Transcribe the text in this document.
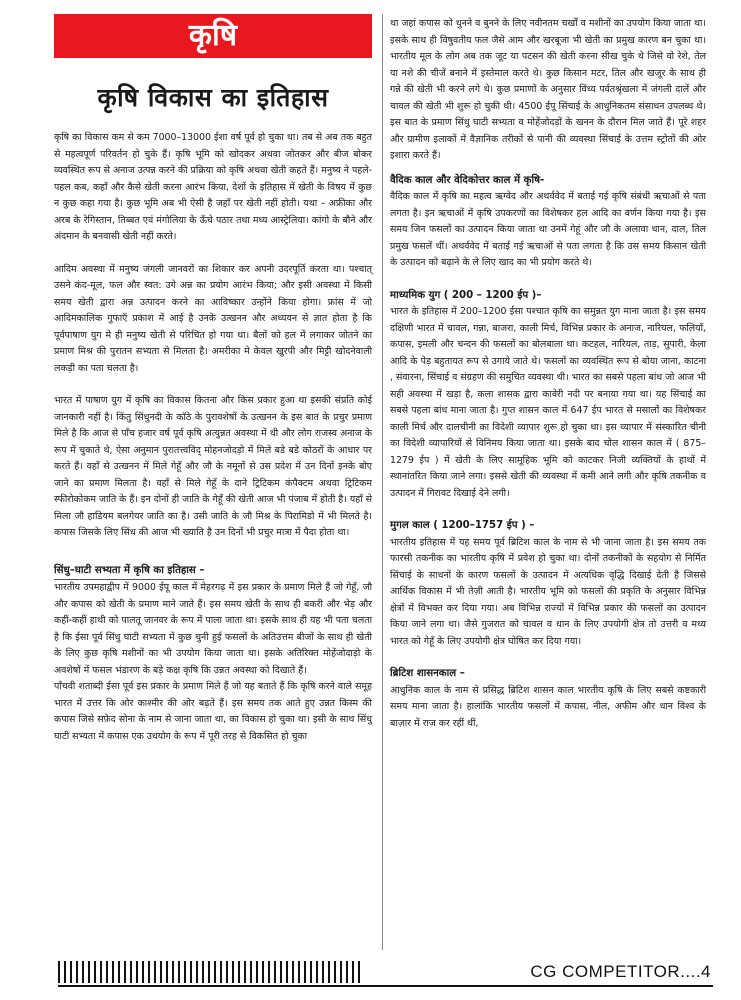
कृषि
कृषि विकास का इतिहास

कृषि का विकास कम से कम 7000–13000 ईशा वर्ष पूर्व हो चुका था। तब से अब तक बहुत से महत्वपूर्ण परिवर्तन हो चुके हैं। कृषि भूमि को खोदकर अथवा जोतकर और बीज बोकर व्यवस्थित रूप से अनाज उत्पन्न करने की प्रक्रिया को कृषि अथवा खेती कहते हैं। मनुष्य ने पहले-पहल कब, कहाँ और कैसे खेती करना आरंभ किया, देशों के इतिहास में खेती के विषय में कुछ न कुछ कहा गया है। कुछ भूमि अब भी ऐसी है जहाँ पर खेती नहीं होती। यथा – अफ्रीका और अरब के रेगिस्तान, तिब्बत एवं मंगोलिया के ऊँचे पठार तथा मध्य आस्ट्रेलिया। कांगो के बौने और अंदमान के बनवासी खेती नहीं करते।

आदिम अवस्था में मनुष्य जंगली जानवरों का शिकार कर अपनी उदरपूर्ति करता था। पश्चात् उसने कंद-मूल, फल और स्वत: उगे अन्न का प्रयोग आरंभ किया; और इसी अवस्था में किसी समय खेती द्वारा अन्न उत्पादन करने का आविष्कार उन्होंने किया होगा। फ्रांस में जो आदिमकालिक गुफाएँ प्रकाश में आई है उनके उत्खनन और अध्ययन से ज्ञात होता है कि पूर्वपाषाण युग मे ही मनुष्य खेती से परिचित हो गया था। बैलों को हल में लगाकर जोतने का प्रमाण मिश्र की पुरातन सभ्यता से मिलता है। अमरीका मे केवल खुरपी और मिट्टी खोदनेवाली लकड़ी का पता चलता है।

भारत में पाषाण युग में कृषि का विकास कितना और किस प्रकार हुआ था इसकी संप्रति कोई जानकारी नहीं है। किंतु सिंधुनदी के कॉठे के पुरावशेषों के उत्खनन के इस बात के प्रचुर प्रमाण मिले है कि आज से पाँच हजार वर्ष पूर्व कृषि अत्युन्नत अवस्था में थी और लोग राजस्व अनाज के रूप में चुकाते थे, ऐसा अनुमान पुरातत्त्वविद् मोहनजोदड़ो में मिले बडे बडे कोठरों के आधार पर करते हैं। वहाँ से उत्खनन में मिले गेहूँ और जौ के नमूनों से उस प्रदेश में उन दिनों इनके बोए जाने का प्रमाण मिलता है। वहाँ से मिले गेहूँ के दाने ट्रिटिकम कंपैक्टम अथवा ट्रिटिकम स्फीरोकोकम जाति के हैं। इन दोनों ही जाति के गेहूँ की खेती आज भी पंजाब में होती है। यहाँ से मिला जौ हाडियम बलगेयर जाति का है। उसी जाति के जौ मिश्र के पिरामिडो में भी मिलते है। कपास जिसके लिए सिंध की आज भी ख्याति है उन दिनों भी प्रचुर मात्रा में पैदा होता था।

सिंधु–घाटी सभ्यता में कृषि का इतिहास –

भारतीय उपमहाद्वीप में 9000 ईपू काल में मेहरगढ़ में इस प्रकार के प्रमाण मिले हैं जो गेहूँ, जौ और कपास को खेती के प्रमाण माने जाते हैं। इस समय खेती के साथ ही बकरी और भेड़ और कहीं-कहीं हाथी को पालतू जानवर के रूप में पाला जाता था। इसके साथ ही यह भी पता चलता है कि ईसा पूर्व सिंधु घाटी सभ्यता में कुछ चुनी हुई फसलों के अतिउत्तम बीजों के साथ ही खेती के लिए कुछ कृषि मशीनों का भी उपयोग किया जाता था। इसके अतिरिक्त मोहेंजोदाड़ो के अवशेषों में फसल भंडारण के बड़े कक्ष कृषि कि उन्नत अवस्था को दिखाते हैं।

पाँचवी शताब्दी ईसा पूर्व इस प्रकार के प्रमाण मिले हैं जो यह बताते हैं कि कृषि करने वाले समूह भारत में उत्तर कि ओर काश्मीर की ओर बढ़ते हैं। इस समय तक आते हुए उन्नत किस्म की कपास जिसे सफ़ेद सोना के नाम से जाना जाता था, का विकास हो चुका था। इसी के साथ सिंधु घाटी सभ्यता में कपास एक उधयोग के रूप में पूरी तरह से विकसित हो चुका

था जहां कपास को धुनने व बुनने के लिए नवीनतम चर्खों व मशीनों का उपयोग किया जाता था। इसके साथ ही विषुवतीय फल जैसे आम और खरबूजा भी खेती का प्रमुख कारण बन चुका था। भारतीय मूल के लोग अब तक जूट या पटसन की खेती करना सीख चुके थे जिसे वो रेशे, तेल या नशे की चीजें बनाने में इस्तेमाल करते थे। कुछ किसान मटर, तिल और खजूर के साथ ही गन्ने की खेती भी करने लगे थे। कुछ प्रमाणों के अनुसार विंध्य पर्वतश्रृंखला में जंगली दालें और चावल की खेती भी शुरू हो चुकी थी। 4500 ईपू सिंचाई के आधुनिकतम संसाधन उपलब्ध थे। इस बात के प्रमाण सिंधु घाटी सभ्यता व मोहेंजोदड़ों के खनन के दौरान मिल जाते हैं। पूरे शहर और ग्रामीण इलाकों में वैज्ञानिक तरीकों से पानी की व्यवस्था सिंचाई के उत्तम स्ट्रोतों की ओर इशारा करते हैं।

वैदिक काल और वेदिकोत्तर काल में कृषि-

वैदिक काल में कृषि का महत्व ऋग्वेद और अथर्ववेद में बताई गई कृषि संबंधी ऋचाओं से पता लगता है। इन ऋचाओं में कृषि उपकरणों का विशेषकर हल आदि का वर्णन किया गया है। इस समय जिन फसलों का उत्पादन किया जाता था उनमें गेहूं और जौ के अलावा धान, दाल, तिल प्रमुख फसलें थीं। अथर्ववेद में बताई गई ऋचाओं से पता लगता है कि उस समय किसान खेती के उत्पादन को बढ़ाने के ले लिए खाद का भी प्रयोग करते थे।

माध्यमिक युग ( 200 – 1200 ईप )–

भारत के इतिहास में 200–1200 ईसा पश्चात कृषि का समुन्नत युग माना जाता है। इस समय दक्षिणी भारत में चावल, गन्ना, बाजरा, काली मिर्च, विभिन्न प्रकार के अनाज, नारियल, फलियाँ, कपास, इमली और चन्दन की फसलों का बोलबाला था। कटहल, नारियल, ताड़, सुपारी, केला आदि के पेड़ बहुतायत रूप से उगाये जाते थे। फसलों का व्यवस्थित रूप से बोया जाना, काटना , संवारना, सिंचाई व संग्रहण की समुचित व्यवस्था थी। भारत का सबसे पहला बांध जो आज भी सही अवस्था में खड़ा है, कला शासक द्वारा कावेरी नदी पर बनाया गया था। यह सिंचाई का सबसे पहला बांध माना जाता है। गुप्त शासन काल में 647 ईप भारत से मसालों का विशेषकर काली मिर्च और दालचीनी का विदेशी व्यापार शुरू हो चुका था। इस व्यापार में संस्कारित चीनी का विदेशी व्यापारियों से विनिमय किया जाता था। इसके बाद चोल शासन काल में ( 875–1279 ईप ) में खेती के लिए सामूहिक भूमि को काटकर निजी व्यक्तियों के हाथों में स्थानांतरित किया जाने लगा। इससे खेती की व्यवस्था में कमी आने लगी और कृषि तकनीक व उत्पादन में गिरावट दिखाई देने लगी।

मुगल काल ( 1200–1757 ईप ) –

भारतीय इतिहास में यह समय पूर्व ब्रिटिश काल के नाम से भी जाना जाता है। इस समय तक फारसी तकनीक का भारतीय कृषि में प्रवेश हो चुका था। दोनों तकनीकों के सहयोग से निर्मित सिंचाई के साधनों के कारण फसलों के उत्पादन में अत्यधिक वृद्धि दिखाई देती है जिससे आर्थिक विकास में भी तेज़ी आती है। भारतीय भूमि को फसलों की प्रकृति के अनुसार विभिन्न क्षेत्रों में विभक्त कर दिया गया। अब विभिन्न राज्यों में विभिन्न प्रकार की फसलों का उत्पादन किया जाने लगा था। जैसे गुजरात को चावल व धान के लिए उपयोगी क्षेत्र तो उत्तरी व मध्य भारत को गेहूँ के लिए उपयोगी क्षेत्र घोषित कर दिया गया।

ब्रिटिश शासनकाल –

आधुनिक काल के नाम से प्रसिद्ध ब्रिटिश शासन काल भारतीय कृषि के लिए सबसे कष्टकारी समय माना जाता है। हालांकि भारतीय फसलों में कपास, नील, अफीम और धान विश्व के बाज़ार में राज कर रहीं थीं,

CG COMPETITOR....4
